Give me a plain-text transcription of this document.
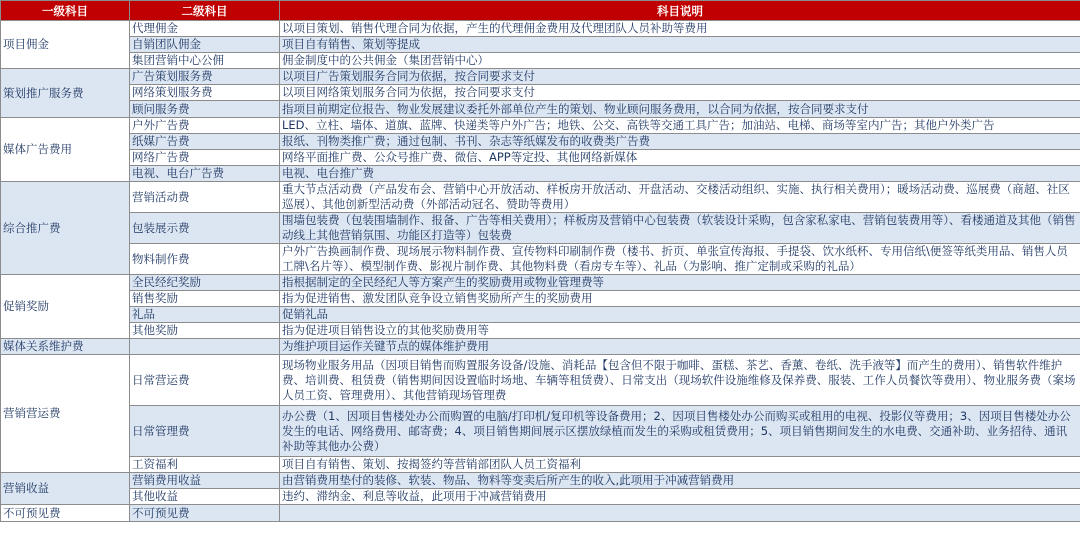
一级科目	二级科目	科目说明
项目佣金	代理佣金	以项目策划、销售代理合同为依据，产生的代理佣金费用及代理团队人员补助等费用
	自销团队佣金	项目自有销售、策划等提成
	集团营销中心公佣	佣金制度中的公共佣金（集团营销中心）
策划推广服务费	广告策划服务费	以项目广告策划服务合同为依据，按合同要求支付
	网络策划服务费	以项目网络策划服务合同为依据，按合同要求支付
	顾问服务费	指项目前期定位报告、物业发展建议委托外部单位产生的策划、物业顾问服务费用，以合同为依据，按合同要求支付
媒体广告费用	户外广告费	LED、立柱、墙体、道旗、蓝牌、快递类等户外广告；地铁、公交、高铁等交通工具广告；加油站、电梯、商场等室内广告；其他户外类广告
	纸媒广告费	报纸、刊物类推广费；通过包制、书刊、杂志等纸媒发布的收费类广告费
	网络广告费	网络平面推广费、公众号推广费、微信、APP等定投、其他网络新媒体
	电视、电台广告费	电视、电台推广费
综合推广费	营销活动费	重大节点活动费（产品发布会、营销中心开放活动、样板房开放活动、开盘活动、交楼活动组织、实施、执行相关费用）；暖场活动费、巡展费（商超、社区巡展）、其他创新型活动费（外部活动冠名、赞助等费用）
	包装展示费	围墙包装费（包装围墙制作、报备、广告等相关费用）；样板房及营销中心包装费（软装设计采购，包含家私家电、营销包装费用等）、看楼通道及其他（销售动线上其他营销氛围、功能区打造等）包装费
	物料制作费	户外广告换画制作费、现场展示物料制作费、宣传物料印刷制作费（楼书、折页、单张宣传海报、手提袋、饮水纸杯、专用信纸\便签等纸类用品、销售人员工牌\名片等）、模型制作费、影视片制作费、其他物料费（看房专车等）、礼品（为影响、推广定制或采购的礼品）
促销奖励	全民经纪奖励	指根据制定的全民经纪人等方案产生的奖励费用或物业管理费等
	销售奖励	指为促进销售、激发团队竞争设立销售奖励所产生的奖励费用
	礼品	促销礼品
	其他奖励	指为促进项目销售设立的其他奖励费用等
媒体关系维护费		为维护项目运作关键节点的媒体维护费用
营销营运费	日常营运费	现场物业服务用品（因项目销售而购置服务设备/设施、消耗品【包含但不限于咖啡、蛋糕、茶艺、香薰、卷纸、洗手液等】而产生的费用）、销售软件维护费、培训费、租赁费（销售期间因设置临时场地、车辆等租赁费）、日常支出（现场软件设施维修及保养费、服装、工作人员餐饮等费用）、物业服务费（案场人员工资、管理费用）、其他营销现场管理费
	日常管理费	办公费（1、因项目售楼处办公而购置的电脑/打印机/复印机等设备费用；2、因项目售楼处办公而购买或租用的电视、投影仪等费用；3、因项目售楼处办公发生的电话、网络费用、邮寄费；4、项目销售期间展示区摆放绿植而发生的采购或租赁费用；5、项目销售期间发生的水电费、交通补助、业务招待、通讯补助等其他办公费）
	工资福利	项目自有销售、策划、按揭签约等营销部团队人员工资福利
营销收益	营销费用收益	由营销费用垫付的装修、软装、物品、物料等变卖后所产生的收入,此项用于冲减营销费用
	其他收益	违约、滞纳金、利息等收益，此项用于冲减营销费用
不可预见费	不可预见费	
